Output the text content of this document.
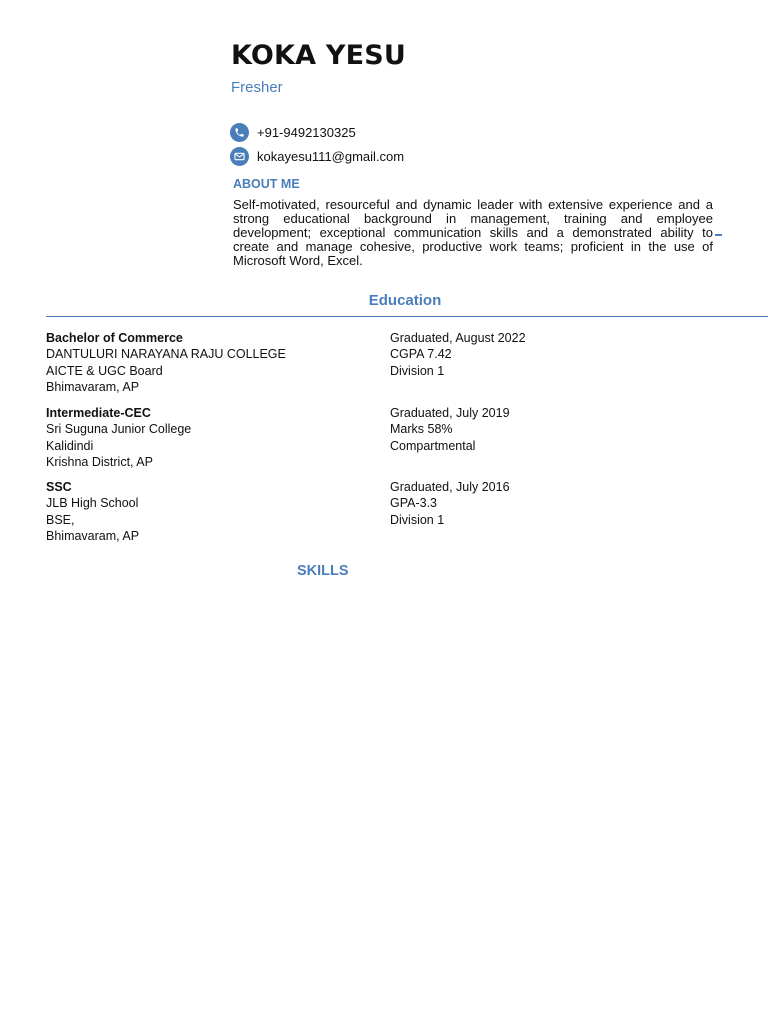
KOKA YESU
Fresher
+91-9492130325
kokayesu111@gmail.com
ABOUT ME
Self-motivated, resourceful and dynamic leader with extensive experience and a strong educational background in management, training and employee development; exceptional communication skills and a demonstrated ability to create and manage cohesive, productive work teams; proficient in the use of Microsoft Word, Excel.
Education
Bachelor of Commerce
DANTULURI NARAYANA RAJU COLLEGE
AICTE & UGC Board
Bhimavaram, AP
Graduated, August 2022
CGPA 7.42
Division 1
Intermediate-CEC
Sri Suguna Junior College
Kalidindi
Krishna District, AP
Graduated, July 2019
Marks 58%
Compartmental
SSC
JLB High School
BSE,
Bhimavaram, AP
Graduated, July 2016
GPA-3.3
Division 1
SKILLS
